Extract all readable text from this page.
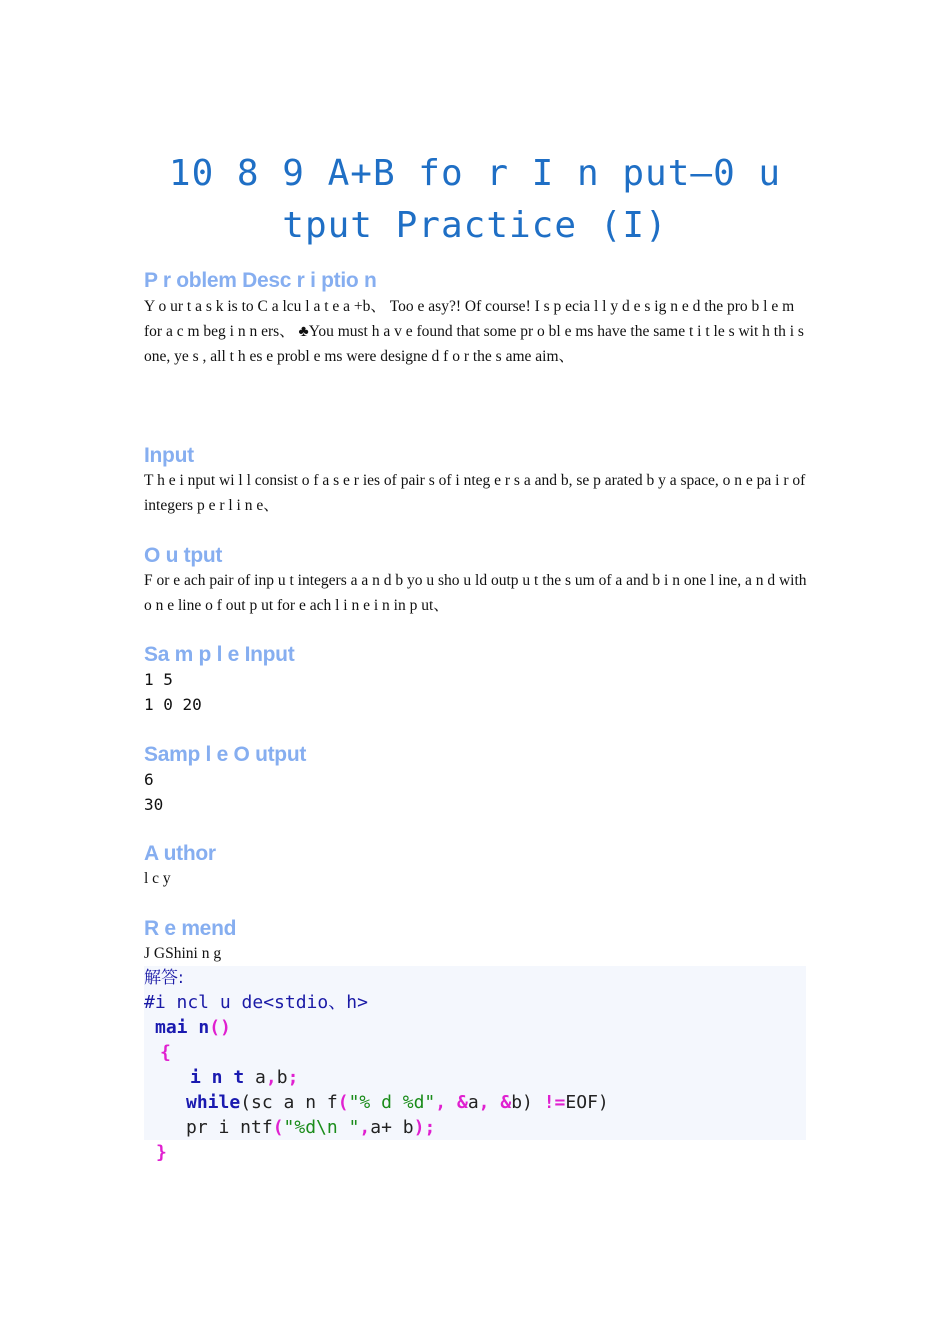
10 8 9 A+B fo r I n put—0 u
tput Practice (I)
P r oblem Desc r i ptio n

Y o ur t a s k is to C a lcu l a t e a +b、 Too e asy?! Of course! I s p ecia l l y d e s ig n e d the pro b l e m for a c m beg i n n ers、 ♣You must h a v e found that some pr o bl e ms have the same t i t le s wit h th i s one, ye s , all t h es e probl e ms were designe d f o r the s ame aim、

Input

T h e i nput wi l l consist o f a s e r ies of pair s of i nteg e r s a and b, se p arated b y a space, o n e pa i r of integers p e r l i n e、

O u tput

F or e ach pair of inp u t integers a a n d b yo u sho u ld outp u t the s um of a and b i n one l ine, a n d with o n e line o f out p ut for e ach l i n e i n in p ut、

Sa m p l e Input
1 5
1 0 20
Samp l e O utput
6
30
A uthor

l c y

R e mend

J GShini n g

解答:
#i ncl u de<stdio、h>
mai n()
{
i n t a,b;
while(sc a n f("% d %d", &a, &b) !=EOF)
pr i ntf("%d\n ",a+ b);
}
